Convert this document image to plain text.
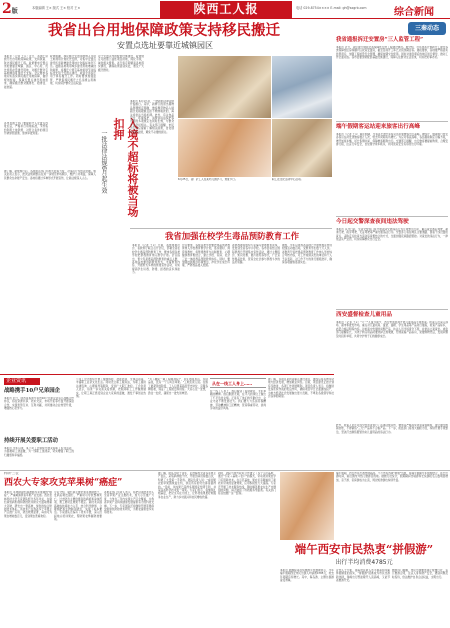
2版	本版编辑 王× 版式 王× 校对 王×	陕西工人报	电话 029-8754×××× E-mail: gh@sxgrb.com	综合新闻
我省出台用地保障政策支持移民搬迁
安置点选址要靠近城镇园区
本报讯（记者 王×）近日，省国土资源厅出台用地保障政策，支持陕南、陕北移民搬迁工程。政策要求安置点选址要靠近城镇、园区、中心村，优先使用存量建设用地，对搬迁群众宅基地腾退复垦给予支持。会议要求各地切实落实移民搬迁用地保障，做好规划衔接，保障安置点建设用地需求，确保搬迁群众搬得出、稳得住、能致富。
各市县国土部门要提前介入安置点选址论证，严格执行用地标准，节约集约利用土地资源，对符合条件的项目开辟绿色通道，加快审批进度。
政策明确，移民搬迁安置用地纳入年度土地利用计划优先安排，对集中安置点建设所需新增建设用地计划指标单列下达。鼓励各地利用城乡建设用地增减挂钩政策，将搬迁户原宅基地复垦节余指标优先用于安置点建设，收益全部返还用于移民搬迁工作。同时要求加强监管，严禁借移民搬迁之名违规占用耕地，切实保护群众合法权益。
对于安置点内的配套设施建设，政策规定可按照公益性项目供地，简化手续，减免相关费用。省厅将定期督查各地落实情况，确保政策落到实处，惠及广大搬迁群众。
入境不超标将被当场扣押
一批法律法规6月起生效
本报讯 6月1日起，一批新的法律法规开始施行。其中，新修订的进出境物品管理规定明确，旅客携带物品入境超过免税限额且拒不缴纳税款的，海关将依法当场扣押。此外，有关食品安全、环境保护、消费者权益保护等方面的多项规定也同时生效，与群众生活密切相关。有关部门提醒，市民出行前应提前了解相关政策，自觉遵守法律法规，避免不必要的损失。
据了解，新规施行后，各地执法部门将加大检查力度，对违法行为依法处理。相关负责人表示，此次法规调整旨在进一步规范市场秩序，维护公共利益，保障人民群众生命财产安全。各地将通过多种形式开展宣传，让新法规深入人心。	6月25日，省厂矿工人在某幼儿园学习，欢度节日。	职工在文化活动中心活动。
我省加强在校学生毒品预防教育工作
本报讯（记者 王×）日前，省禁毒委员会、省教育厅联合召开会议，部署全省在校学生毒品预防教育工作，要求各级各类学校把禁毒教育纳入教学计划。会议指出，青少年是毒品预防教育的重点人群，各地各校要创新教育形式，丰富教育内容，开展形式多样的禁毒宣传活动，切实提高学生识毒、防毒、拒毒的意识和能力。
会议要求，各级各类学校要把毒品预防教育纳入学校教育教学计划，落实课时、师资和教材，将禁毒教育与法制教育、心理健康教育相结合，建立学校、家庭、社会三位一体的毒品预防教育体系。同时，要加强校园周边环境整治，净化学生成长环境，严防毒品侵入校园。
省禁毒委将组织专家编写禁毒教育读本，发放到全省各中小学校。各市县将结合国际禁毒日开展集中宣传活动，通过主题班会、知识竞赛、图片展览等形式，广泛宣传毒品危害，营造全社会参与禁毒斗争的良好氛围。
据悉，今年以来我省各地已开展禁毒宣传进校园活动数百场，受教育学生数十万人次。省教育厅将把毒品预防教育工作纳入学校综合考核内容，对工作成绩突出的单位和个人予以表彰，对工作不力的进行通报批评，确保各项措施落到实处。
三秦动态
我省通报拆迁安置房“三人监管工程”
本报讯 近日，省住建厅通报全省保障性安居工程建设情况。据介绍，今年我省计划新开工建设各类保障性住房和棚户区改造安置房，截至目前开工率已达到预期目标。通报要求，各地要严格落实监管责任，加强工程质量安全管理，确保按期交付使用。同时对进度滞后的地区进行督导，推动工作全面完成。各市县要加快配套基础设施建设，保障入住群众生活需求，切实把好事办好。
端午假期客运站迎来旅客出行高峰
本报讯（记者 王×）端午假期，全省各长途汽车客运站迎来旅客出行高峰。据统计，假期首日西安各客运站共发送旅客数万人次，较去年同期有所增长。为应对客流高峰，各站提前制定运输方案，增开加班车辆，延长售票时间，保障旅客顺利出行。交通部门提醒，出行旅客要提前购票，合理安排行程，注意行车安全，自觉遵守乘车秩序，共同营造安全有序的出行环境。
今日起交警深查夜间违法驾驶
本报讯 从今日起，全省交警部门将开展夜间交通违法行为专项整治行动，重点查处酒后驾驶、超速行驶、疲劳驾驶、无证驾驶等严重交通违法行为。交警部门将在城区主要道路、国省干线设置检查点，采取定点检查与流动巡查相结合的方式，全面加强夜间路面管控。对查处的违法行为，一律依法从严处罚，切实保障群众出行安全。
西安盛督检查儿童用品
本报讯（记者 王×）"六一"儿童节前夕，西安市质监局开展儿童用品专项检查。检查人员深入商场、超市和批发市场，重点对儿童玩具、童装、童鞋、学生用品等产品进行抽查，检查产品标识、质量合格证明等内容。对检查中发现的问题产品，执法人员当场责令下架，并依法立案查处。质监部门提醒家长，为孩子购买用品时要选择正规渠道，仔细查看产品标识，索要购物凭证，发现问题及时投诉举报，共同守护孩子们的健康成长。
企业资讯
战略携手10户兄弟园企
本报讯 近日，陕西某集团与省内10户兄弟企业签订战略合作协议，将在资源共享、技术交流、市场开拓等方面开展深度合作，实现优势互补、互利共赢，共同推动企业转型升级，增强核心竞争力。
持续开展关爱职工活动
本报讯 今年以来，某公司工会持续开展关爱职工系列活动，为困难职工送温暖，为一线职工送清凉，切实增强了职工的归属感和幸福感。
公司工会还组织开展了健康体检、技能培训、文体活动等，丰富职工业余文化生活。同时设立职工服务站，为职工提供法律咨询、心理疏导等服务，受到广大职工欢迎。工会负责人表示，将进一步完善关爱机制，把服务职工工作做细做实，让职工真正感受到企业大家庭的温暖，激发干事创业热情。
"为了确保一期工程顺利投产，我们加班加点，连续奋战，没有一个人叫苦叫累。"工地负责人说。在施工最紧张的阶段，工人们冒着高温坚守岗位，克服各种困难，保证了工程质量和进度。大家心往一处想，劲往一处使，涌现出一批先进典型。
从在一线工人身上……
在一线工人身上，我们看到了爱岗敬业、无私奉献的精神。他们默默无闻，在平凡的岗位上做出了不平凡的业绩。正是有了他们的辛勤付出，企业才能不断发展壮大。我们要大力弘扬劳模精神、劳动精神和工匠精神，营造尊重劳动、崇尚劳动的良好风尚。
据了解，该项目是我省重点建设项目，建成后将有效带动地方经济发展，增加就业岗位。目前，项目建设正按计划有序推进，各项工作进展顺利。项目负责人表示，将继续发扬连续作战的优良作风，确保项目早日全面建成投产，为地方经济社会发展做出更大贡献，不辜负各级领导和社会各界的期望。
此外，检查人员还对部分经营者进行了法律法规宣传，要求其严格落实进货查验制度，建立健全购销台账，不得销售"三无"产品和不合格产品。下一步，质监部门将加大抽检力度，持续开展专项整治，坚决打击制售假冒伪劣儿童用品的违法行为。
科研·三农
西农大专家攻克苹果树“癌症”
本报讯 苹果树腐烂病被称为苹果树的"癌症"，严重威胁我省苹果产业发展。西北农林科技大学专家团队经过多年攻关，在腐烂病致病机理和防控技术研究方面取得重大突破，研发出一套高效、绿色的综合防控技术体系。该技术已在我省多个苹果主产区推广应用，防治效果显著，每亩可为果农增收数百元，受到果农普遍欢迎。
专家介绍，腐烂病主要危害苹果树枝干，发病后树皮腐烂，严重时可导致整株死亡。过去防治主要依靠刮治病疤和涂抹药剂，费工费时且效果不稳定。新技术从提高树体抗病能力入手，结合科学修剪、合理施肥和生物制剂防治，实现了标本兼治。专家团队还编写了技术手册，深入田间地头培训果农，帮助果农掌握防控要领。
省果业部门负责人表示，将把这项技术列入全省苹果产业主推技术，加大示范推广力度，力争在三年内实现主产区全覆盖，为我省苹果产业持续健康发展提供有力的科技支撑。下一步，专家团队还将继续开展苹果病虫害绿色防控技术研究，为果农提供更多实用技术。
据了解，团队历时十余年，足迹遍布全省各苹果主产县区，采集病样数千份，开展田间试验数百次，积累了大量第一手资料。团队负责人说："看到果农的苹果园恢复生机，我们所有的付出都是值得的。"目前，该成果已获得多项国家发明专利，并荣获省科学技术奖一等奖。专家们表示，将继续扎根基层，把论文写在大地上，让科技成果更好地服务农业生产，助力乡村振兴和农民增收致富。
同时，团队与地方政府合作建立了多个示范基地，通过"专家＋基地＋农户"的模式，带动周边果农学习应用新技术。在示范基地，果农们亲眼看到了新技术带来的显著效果，应用积极性大大提高。专家还开通了技术服务热线，随时解答果农在生产中遇到的问题，真正做到了科技服务零距离。有关部门将总结推广这一经验。
端午假期，西安市民出游热情高涨。不少市民选择"拼假"出游，将端午假期与年假相结合，延长出游时间，前往国内外热门旅游目的地。据旅行社统计，假期期间出境游和长线游报名人数明显增加，亲子游、家庭游成为主流，周边短途游也持续升温。
端午西安市民热衷“拼假游”
出行半均消费4785元
本报讯 据携程等在线旅游平台数据显示，今年端午假期西安市民出游人均消费4785元，较去年同期有所增长。其中，海岛游、主题乐园游备受青睐。
业内人士分析，随着居民收入水平提高和带薪休假制度的落实，"拼假游"逐渐成为市民出游新选择，错峰出行既能避开人流高峰，又能节省旅游开支。
旅游部门提醒，市民出游要选择正规旅行社，签订旅游合同，注意人身和财产安全，遇到问题及时投诉，依法维护自身合法权益，文明出行。
